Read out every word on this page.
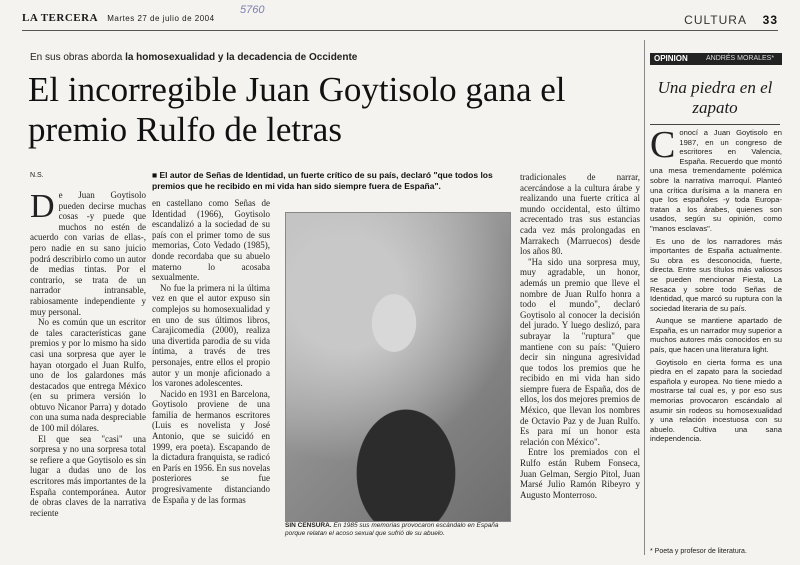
LA TERCERA Martes 27 de julio de 2004
5760
CULTURA 33
En sus obras aborda la homosexualidad y la decadencia de Occidente
El incorregible Juan Goytisolo gana el premio Rulfo de letras
N.S.	■ El autor de Señas de Identidad, un fuerte crítico de su país, declaró "que todos los premios que he recibido en mi vida han sido siempre fuera de España".
D e Juan Goytisolo pueden decirse muchas cosas -y puede que muchos no estén de acuerdo con varias de ellas-, pero nadie en su sano juicio podrá describirlo como un autor de medias tintas. Por el contrario, se trata de un narrador intransable, rabiosamente independiente y muy personal.

No es común que un escritor de tales características gane premios y por lo mismo ha sido casi una sorpresa que ayer le hayan otorgado el Juan Rulfo, uno de los galardones más destacados que entrega México (en su primera versión lo obtuvo Nicanor Parra) y dotado con una suma nada despreciable de 100 mil dólares.

El que sea "casi" una sorpresa y no una sorpresa total se refiere a que Goytisolo es sin lugar a dudas uno de los escritores más importantes de la España contemporánea. Autor de obras claves de la narrativa reciente

en castellano como Señas de Identidad (1966), Goytisolo escandalizó a la sociedad de su país con el primer tomo de sus memorias, Coto Vedado (1985), donde recordaba que su abuelo materno lo acosaba sexualmente.

No fue la primera ni la última vez en que el autor expuso sin complejos su homosexualidad y en uno de sus últimos libros, Carajicomedia (2000), realiza una divertida parodia de su vida íntima, a través de tres personajes, entre ellos el propio autor y un monje aficionado a los varones adolescentes.

Nacido en 1931 en Barcelona, Goytisolo proviene de una familia de hermanos escritores (Luis es novelista y José Antonio, que se suicidó en 1999, era poeta). Escapando de la dictadura franquista, se radicó en París en 1956. En sus novelas posteriores se fue progresivamente distanciando de España y de las formas

SIN CENSURA. En 1985 sus memorias provocaron escándalo en España porque relatan el acoso sexual que sufrió de su abuelo.

tradicionales de narrar, acercándose a la cultura árabe y realizando una fuerte crítica al mundo occidental, esto último acrecentado tras sus estancias cada vez más prolongadas en Marrakech (Marruecos) desde los años 80.

"Ha sido una sorpresa muy, muy agradable, un honor, además un premio que lleve el nombre de Juan Rulfo honra a todo el mundo", declaró Goytisolo al conocer la decisión del jurado. Y luego deslizó, para subrayar la "ruptura" que mantiene con su país: "Quiero decir sin ninguna agresividad que todos los premios que he recibido en mi vida han sido siempre fuera de España, dos de ellos, los dos mejores premios de México, que llevan los nombres de Octavio Paz y de Juan Rulfo. Es para mí un honor esta relación con México".

Entre los premiados con el Rulfo están Rubem Fonseca, Juan Gelman, Sergio Pitol, Juan Marsé Julio Ramón Ribeyro y Augusto Monterroso.

OPINION	ANDRÉS MORALES*
Una piedra en el zapato
C onocí a Juan Goytisolo en 1987, en un congreso de escritores en Valencia, España. Recuerdo que montó una mesa tremendamente polémica sobre la narrativa marroquí. Planteó una crítica durísima a la manera en que los españoles -y toda Europa- tratan a los árabes, quienes son usados, según su opinión, como "manos esclavas".

Es uno de los narradores más importantes de España actualmente. Su obra es desconocida, fuerte, directa. Entre sus títulos más valiosos se pueden mencionar Fiesta, La Resaca y sobre todo Señas de Identidad, que marcó su ruptura con la sociedad literaria de su país.

Aunque se mantiene apartado de España, es un narrador muy superior a muchos autores más conocidos en su país, que hacen una literatura light.

Goytisolo en cierta forma es una piedra en el zapato para la sociedad española y europea. No tiene miedo a mostrarse tal cual es, y por eso sus memorias provocaron escándalo al asumir sin rodeos su homosexualidad y una relación incestuosa con su abuelo. Cultiva una sana independencia.

* Poeta y profesor de literatura.
